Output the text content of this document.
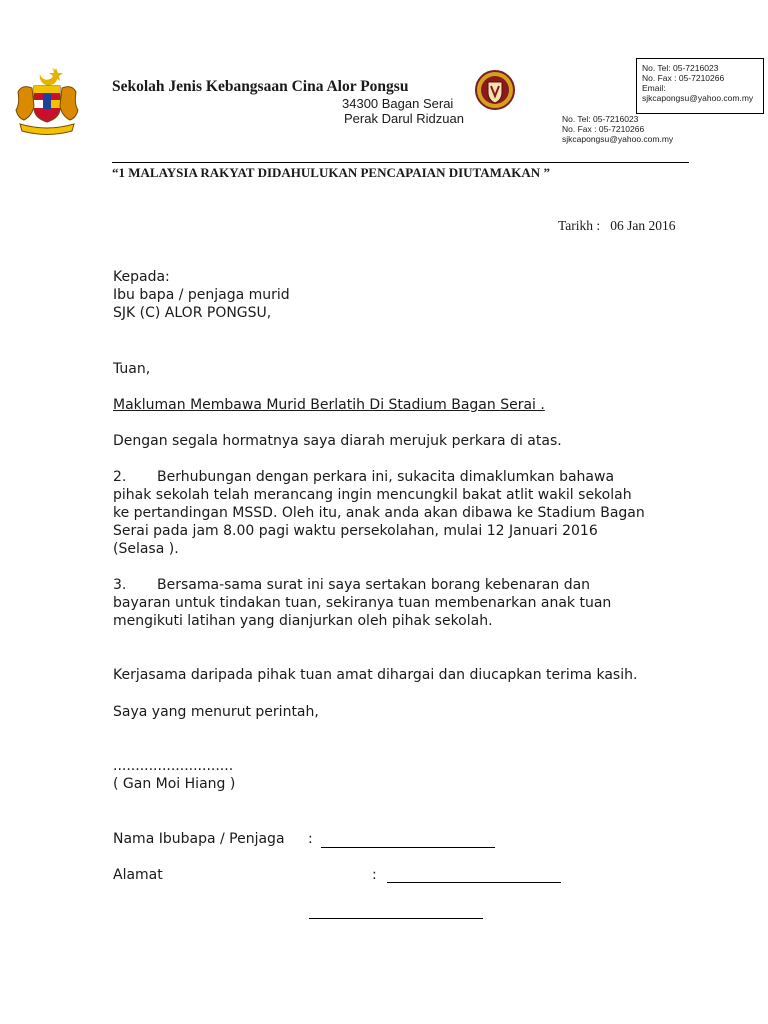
Sekolah Jenis Kebangsaan Cina Alor Pongsu
34300 Bagan Serai
Perak Darul Ridzuan	No. Tel: 05-7216023
No. Fax : 05-7210266
sjkcapongsu@yahoo.com.my
No. Tel: 05-7216023
No. Fax : 05-7210266
Email:
sjkcapongsu@yahoo.com.my
“1 MALAYSIA RAKYAT DIDAHULUKAN PENCAPAIAN DIUTAMAKAN ”
Tarikh : 06 Jan 2016
Kepada:
Ibu bapa / penjaga murid
SJK (C) ALOR PONGSU,
Tuan,
Makluman Membawa Murid Berlatih Di Stadium Bagan Serai .
Dengan segala hormatnya saya diarah merujuk perkara di atas.
2. Berhubungan dengan perkara ini, sukacita dimaklumkan bahawa
pihak sekolah telah merancang ingin mencungkil bakat atlit wakil sekolah
ke pertandingan MSSD. Oleh itu, anak anda akan dibawa ke Stadium Bagan
Serai pada jam 8.00 pagi waktu persekolahan, mulai 12 Januari 2016
(Selasa ).
3. Bersama-sama surat ini saya sertakan borang kebenaran dan
bayaran untuk tindakan tuan, sekiranya tuan membenarkan anak tuan
mengikuti latihan yang dianjurkan oleh pihak sekolah.
Kerjasama daripada pihak tuan amat dihargai dan diucapkan terima kasih.
Saya yang menurut perintah,
...........................
( Gan Moi Hiang )
Nama Ibubapa / Penjaga :
Alamat	:
